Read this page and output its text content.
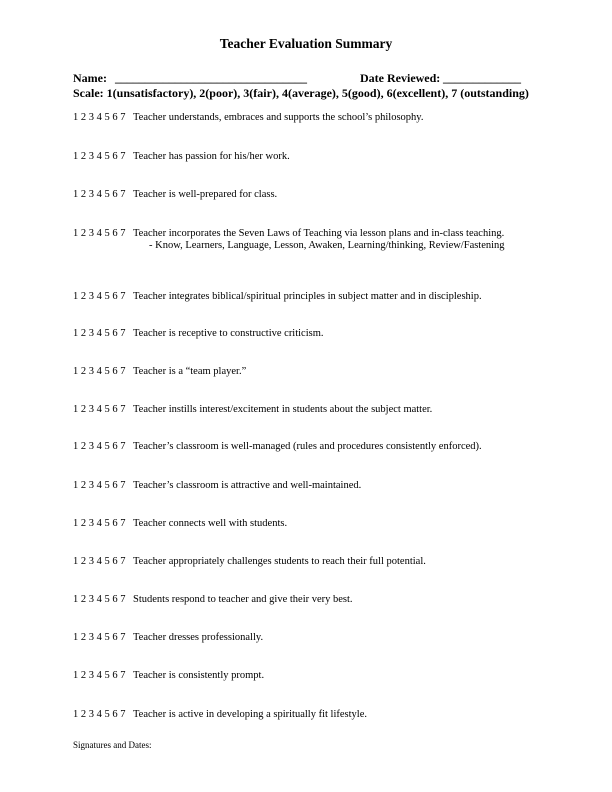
Teacher Evaluation Summary
Name: ________________________________	Date Reviewed: _____________
Scale: 1(unsatisfactory), 2(poor), 3(fair), 4(average), 5(good), 6(excellent), 7 (outstanding)
1 2 3 4 5 6 7 Teacher understands, embraces and supports the school’s philosophy.
1 2 3 4 5 6 7 Teacher has passion for his/her work.
1 2 3 4 5 6 7 Teacher is well-prepared for class.
1 2 3 4 5 6 7 Teacher incorporates the Seven Laws of Teaching via lesson plans and in-class teaching.
- Know, Learners, Language, Lesson, Awaken, Learning/thinking, Review/Fastening
1 2 3 4 5 6 7 Teacher integrates biblical/spiritual principles in subject matter and in discipleship.
1 2 3 4 5 6 7 Teacher is receptive to constructive criticism.
1 2 3 4 5 6 7 Teacher is a “team player.”
1 2 3 4 5 6 7 Teacher instills interest/excitement in students about the subject matter.
1 2 3 4 5 6 7 Teacher’s classroom is well-managed (rules and procedures consistently enforced).
1 2 3 4 5 6 7 Teacher’s classroom is attractive and well-maintained.
1 2 3 4 5 6 7 Teacher connects well with students.
1 2 3 4 5 6 7 Teacher appropriately challenges students to reach their full potential.
1 2 3 4 5 6 7 Students respond to teacher and give their very best.
1 2 3 4 5 6 7 Teacher dresses professionally.
1 2 3 4 5 6 7 Teacher is consistently prompt.
1 2 3 4 5 6 7 Teacher is active in developing a spiritually fit lifestyle.
Signatures and Dates:
